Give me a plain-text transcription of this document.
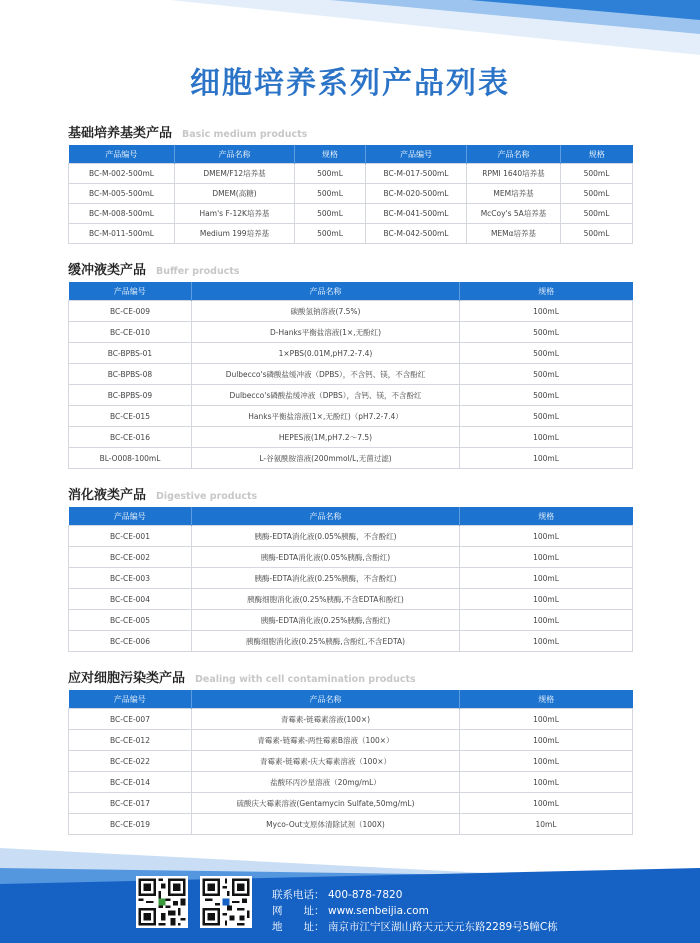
细胞培养系列产品列表
基础培养基类产品 Basic medium products
产品编号	产品名称	规格	产品编号	产品名称	规格
BC-M-002-500mL	DMEM/F12培养基	500mL	BC-M-017-500mL	RPMI 1640培养基	500mL
BC-M-005-500mL	DMEM(高糖)	500mL	BC-M-020-500mL	MEM培养基	500mL
BC-M-008-500mL	Ham's F-12K培养基	500mL	BC-M-041-500mL	McCoy's 5A培养基	500mL
BC-M-011-500mL	Medium 199培养基	500mL	BC-M-042-500mL	MEMα培养基	500mL
缓冲液类产品 Buffer products
产品编号	产品名称	规格
BC-CE-009	碳酸氢钠溶液(7.5%)	100mL
BC-CE-010	D-Hanks平衡盐溶液(1×,无酚红)	500mL
BC-BPBS-01	1×PBS(0.01M,pH7.2-7.4)	500mL
BC-BPBS-08	Dulbecco's磷酸盐缓冲液（DPBS），不含钙、镁，不含酚红	500mL
BC-BPBS-09	Dulbecco's磷酸盐缓冲液（DPBS），含钙、镁，不含酚红	500mL
BC-CE-015	Hanks平衡盐溶液(1×,无酚红)（pH7.2-7.4）	500mL
BC-CE-016	HEPES液(1M,pH7.2～7.5)	100mL
BL-O008-100mL	L-谷氨酰胺溶液(200mmol/L,无菌过滤)	100mL
消化液类产品 Digestive products
产品编号	产品名称	规格
BC-CE-001	胰酶-EDTA消化液(0.05%胰酶，不含酚红)	100mL
BC-CE-002	胰酶-EDTA消化液(0.05%胰酶,含酚红)	100mL
BC-CE-003	胰酶-EDTA消化液(0.25%胰酶，不含酚红)	100mL
BC-CE-004	胰酶细胞消化液(0.25%胰酶,不含EDTA和酚红)	100mL
BC-CE-005	胰酶-EDTA消化液(0.25%胰酶,含酚红)	100mL
BC-CE-006	胰酶细胞消化液(0.25%胰酶,含酚红,不含EDTA)	100mL
应对细胞污染类产品 Dealing with cell contamination products
产品编号	产品名称	规格
BC-CE-007	青霉素-链霉素溶液(100×)	100mL
BC-CE-012	青霉素-链霉素-两性霉素B溶液（100×）	100mL
BC-CE-022	青霉素-链霉素-庆大霉素溶液（100×）	100mL
BC-CE-014	盐酸环丙沙星溶液（20mg/mL）	100mL
BC-CE-017	硫酸庆大霉素溶液(Gentamycin Sulfate,50mg/mL)	100mL
BC-CE-019	Myco-Out支原体清除试剂（100X)	10mL
联系电话： 400-878-7820
网　　址： www.senbeijia.com
地　　址： 南京市江宁区湖山路天元天元东路2289号5幢C栋
